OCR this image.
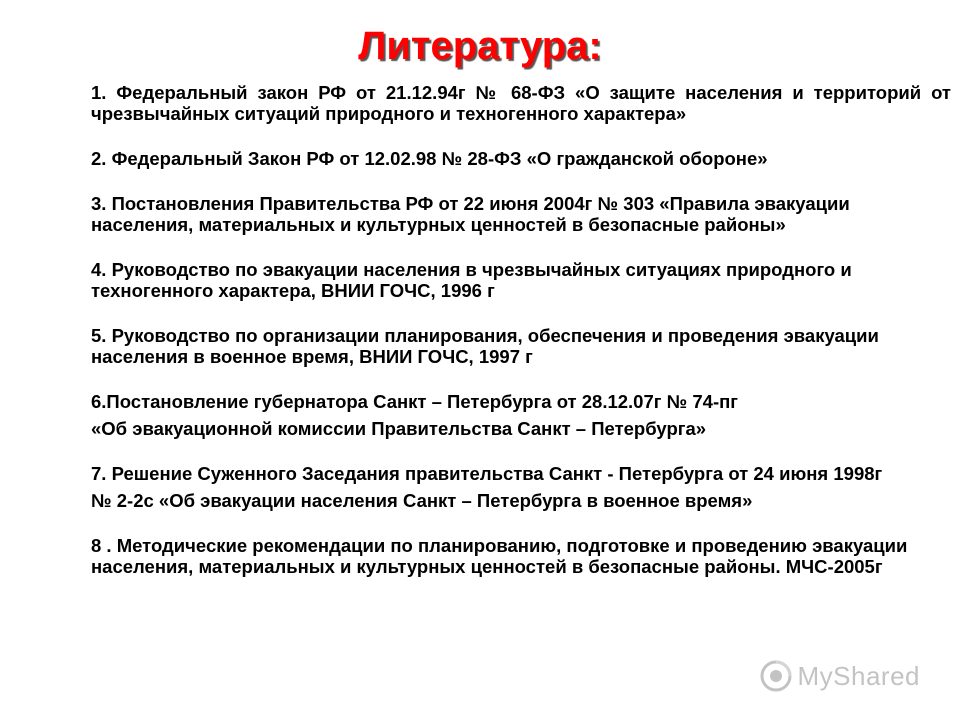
Литература:

1. Федеральный закон РФ от 21.12.94г № 68-ФЗ «О защите населения и территорий от чрезвычайных ситуаций природного и техногенного характера»

2. Федеральный Закон РФ от 12.02.98 № 28-ФЗ «О гражданской обороне»

3. Постановления Правительства РФ от 22 июня 2004г № 303 «Правила эвакуации населения, материальных и культурных ценностей в безопасные районы»

4. Руководство по эвакуации населения в чрезвычайных ситуациях природного и техногенного характера, ВНИИ ГОЧС, 1996 г

5. Руководство по организации планирования, обеспечения и проведения эвакуации населения в военное время, ВНИИ ГОЧС, 1997 г

6.Постановление губернатора Санкт – Петербурга от 28.12.07г № 74-пг

«Об эвакуационной комиссии Правительства Санкт – Петербурга»

7. Решение Суженного Заседания правительства Санкт - Петербурга от 24 июня 1998г

№ 2-2с «Об эвакуации населения Санкт – Петербурга в военное время»

8 . Методические рекомендации по планированию, подготовке и проведению эвакуации населения, материальных и культурных ценностей в безопасные районы. МЧС-2005г

MyShared
